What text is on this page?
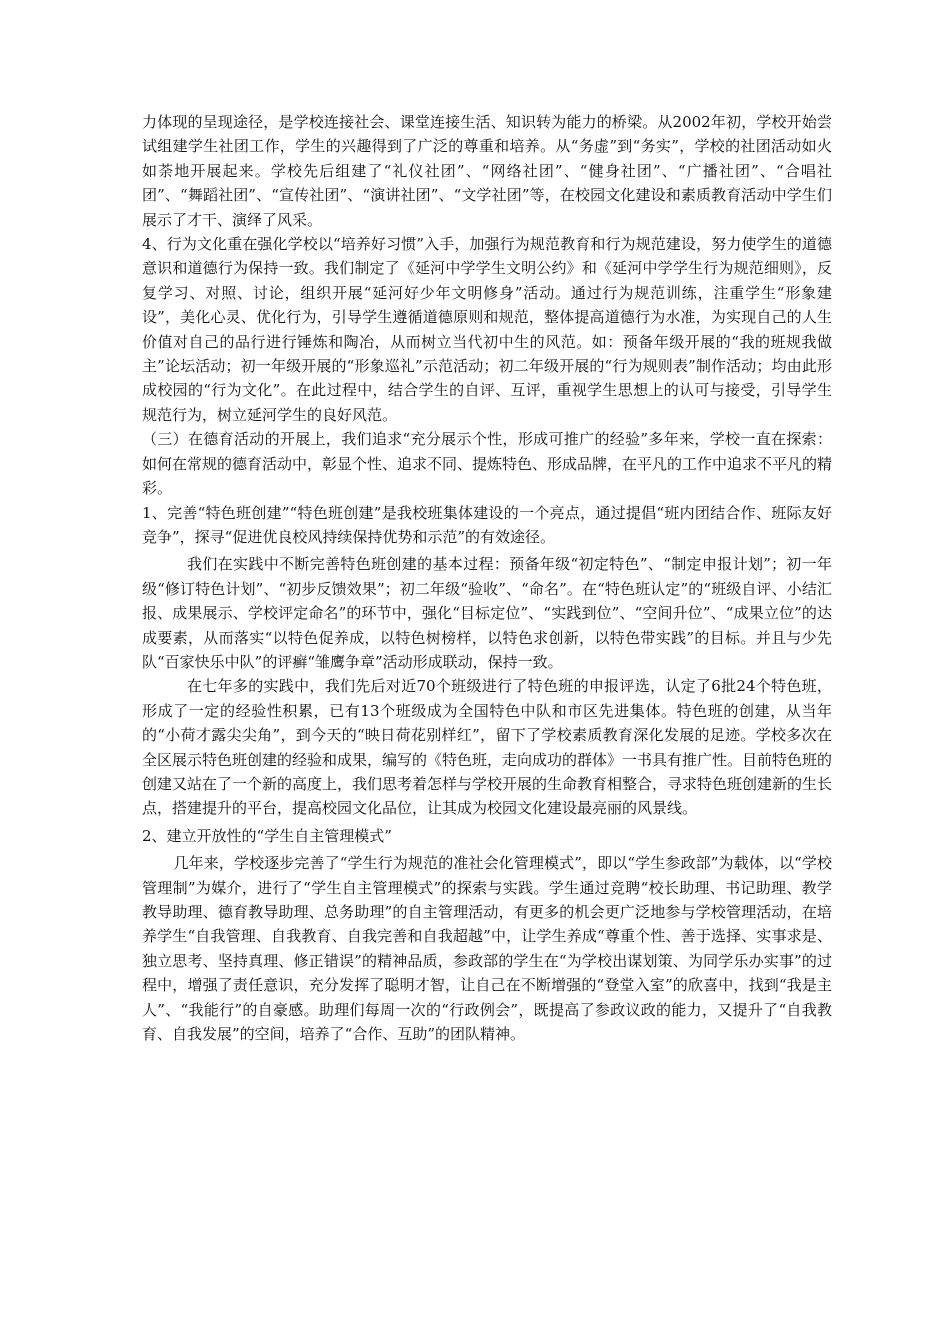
力体现的呈现途径，是学校连接社会、课堂连接生活、知识转为能力的桥梁。从2002年初，学校开始尝试组建学生社团工作，学生的兴趣得到了广泛的尊重和培养。从“务虚”到“务实”，学校的社团活动如火如荼地开展起来。学校先后组建了“礼仪社团”、“网络社团”、“健身社团”、“广播社团”、“合唱社团”、“舞蹈社团”、“宣传社团”、“演讲社团”、“文学社团”等，在校园文化建设和素质教育活动中学生们展示了才干、演绎了风采。

4、行为文化重在强化学校以“培养好习惯”入手，加强行为规范教育和行为规范建设，努力使学生的道德意识和道德行为保持一致。我们制定了《延河中学学生文明公约》和《延河中学学生行为规范细则》，反复学习、对照、讨论，组织开展“延河好少年文明修身”活动。通过行为规范训练，注重学生“形象建设”，美化心灵、优化行为，引导学生遵循道德原则和规范，整体提高道德行为水准，为实现自己的人生价值对自己的品行进行锤炼和陶冶，从而树立当代初中生的风范。如：预备年级开展的“我的班规我做主”论坛活动；初一年级开展的“形象巡礼”示范活动；初二年级开展的“行为规则表”制作活动；均由此形成校园的“行为文化”。在此过程中，结合学生的自评、互评，重视学生思想上的认可与接受，引导学生规范行为，树立延河学生的良好风范。

（三）在德育活动的开展上，我们追求“充分展示个性，形成可推广的经验”多年来，学校一直在探索：如何在常规的德育活动中，彰显个性、追求不同、提炼特色、形成品牌，在平凡的工作中追求不平凡的精彩。

1、完善“特色班创建”“特色班创建”是我校班集体建设的一个亮点，通过提倡“班内团结合作、班际友好竞争”，探寻“促进优良校风持续保持优势和示范”的有效途径。

我们在实践中不断完善特色班创建的基本过程：预备年级“初定特色”、“制定申报计划”；初一年级“修订特色计划”、“初步反馈效果”；初二年级“验收”、“命名”。在“特色班认定”的“班级自评、小结汇报、成果展示、学校评定命名”的环节中，强化“目标定位”、“实践到位”、“空间升位”、“成果立位”的达成要素，从而落实“以特色促养成，以特色树榜样，以特色求创新，以特色带实践”的目标。并且与少先队“百家快乐中队”的评癣“雏鹰争章”活动形成联动，保持一致。

在七年多的实践中，我们先后对近70个班级进行了特色班的申报评选，认定了6批24个特色班，形成了一定的经验性积累，已有13个班级成为全国特色中队和市区先进集体。特色班的创建，从当年的“小荷才露尖尖角”，到今天的“映日荷花别样红”，留下了学校素质教育深化发展的足迹。学校多次在全区展示特色班创建的经验和成果，编写的《特色班，走向成功的群体》一书具有推广性。目前特色班的创建又站在了一个新的高度上，我们思考着怎样与学校开展的生命教育相整合，寻求特色班创建新的生长点，搭建提升的平台，提高校园文化品位，让其成为校园文化建设最亮丽的风景线。

2、建立开放性的“学生自主管理模式”

几年来，学校逐步完善了“学生行为规范的准社会化管理模式”，即以“学生参政部”为载体，以“学校管理制”为媒介，进行了“学生自主管理模式”的探索与实践。学生通过竞聘“校长助理、书记助理、教学教导助理、德育教导助理、总务助理”的自主管理活动，有更多的机会更广泛地参与学校管理活动，在培养学生“自我管理、自我教育、自我完善和自我超越”中，让学生养成“尊重个性、善于选择、实事求是、独立思考、坚持真理、修正错误”的精神品质，参政部的学生在“为学校出谋划策、为同学乐办实事”的过程中，增强了责任意识，充分发挥了聪明才智，让自己在不断增强的“登堂入室”的欣喜中，找到“我是主人”、“我能行”的自豪感。助理们每周一次的“行政例会”，既提高了参政议政的能力，又提升了“自我教育、自我发展”的空间，培养了“合作、互助”的团队精神。
